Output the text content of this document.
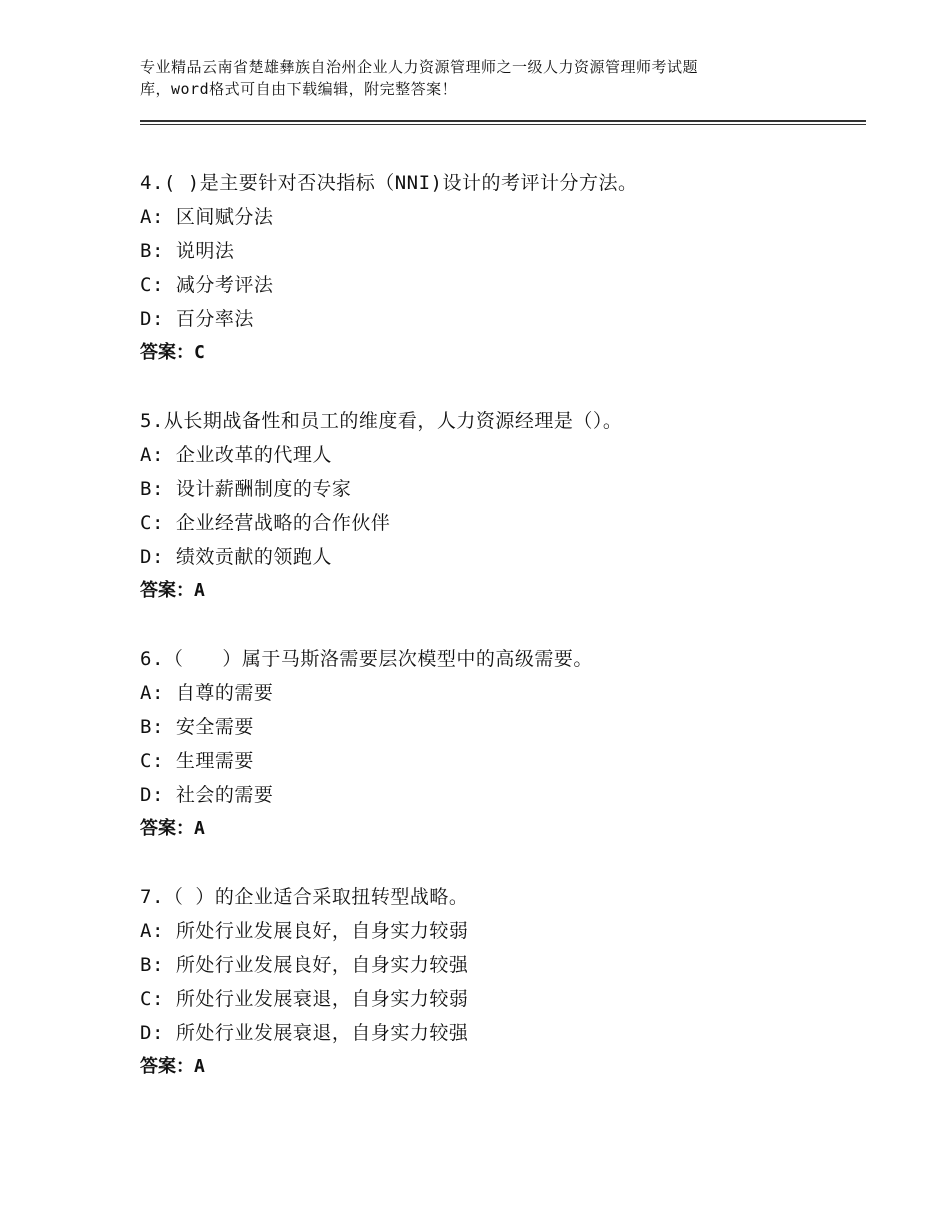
专业精品云南省楚雄彝族自治州企业人力资源管理师之一级人力资源管理师考试题
库，word格式可自由下载编辑，附完整答案！
4.( )是主要针对否决指标（NNI)设计的考评计分方法。
A: 区间赋分法
B: 说明法
C: 减分考评法
D: 百分率法
答案：C
5.从长期战备性和员工的维度看，人力资源经理是（）。
A: 企业改革的代理人
B: 设计薪酬制度的专家
C: 企业经营战略的合作伙伴
D: 绩效贡献的领跑人
答案：A
6.（　　）属于马斯洛需要层次模型中的高级需要。
A: 自尊的需要
B: 安全需要
C: 生理需要
D: 社会的需要
答案：A
7.（ ）的企业适合采取扭转型战略。
A: 所处行业发展良好，自身实力较弱
B: 所处行业发展良好，自身实力较强
C: 所处行业发展衰退，自身实力较弱
D: 所处行业发展衰退，自身实力较强
答案：A
